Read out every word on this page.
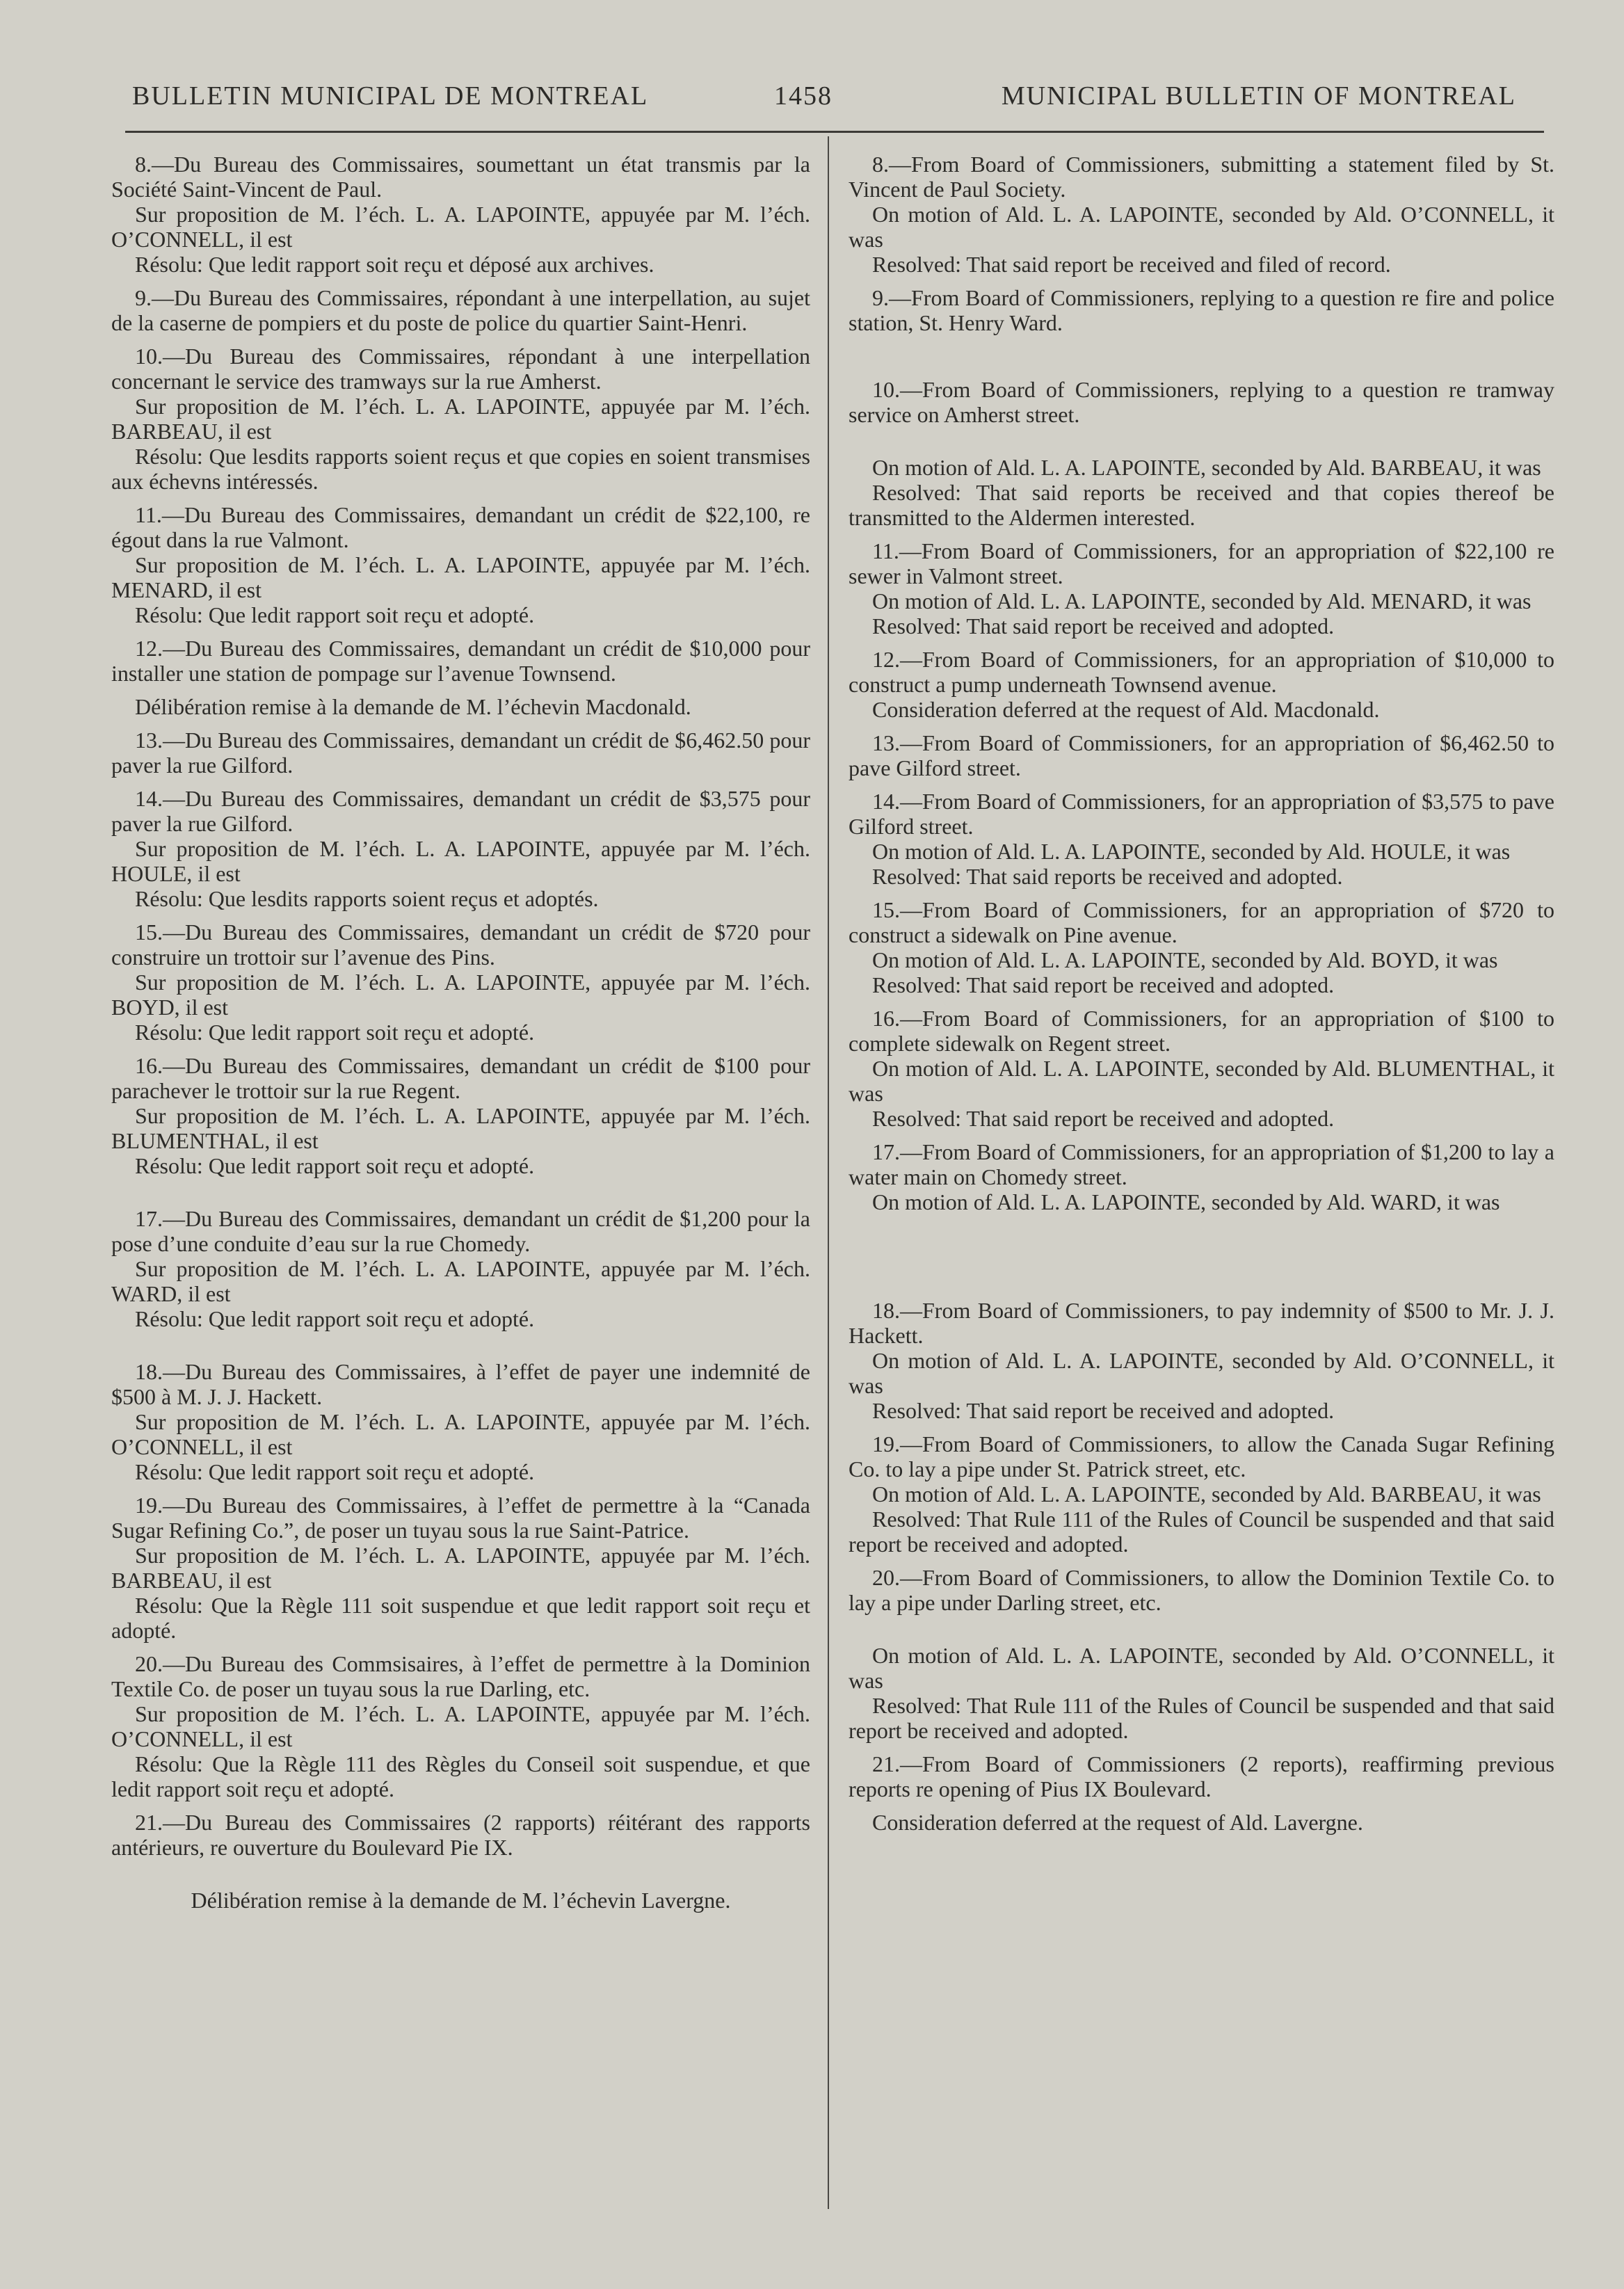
BULLETIN MUNICIPAL DE MONTREAL	1458	MUNICIPAL BULLETIN OF MONTREAL

8.—Du Bureau des Commissaires, soumettant un état transmis par la Société Saint-Vincent de Paul.

Sur proposition de M. l’éch. L. A. LAPOINTE, appuyée par M. l’éch. O’CONNELL, il est

Résolu: Que ledit rapport soit reçu et déposé aux archives.

9.—Du Bureau des Commissaires, répondant à une interpellation, au sujet de la caserne de pompiers et du poste de police du quartier Saint-Henri.

10.—Du Bureau des Commissaires, répondant à une interpellation concernant le service des tramways sur la rue Amherst.

Sur proposition de M. l’éch. L. A. LAPOINTE, appuyée par M. l’éch. BARBEAU, il est

Résolu: Que lesdits rapports soient reçus et que copies en soient transmises aux échevns intéressés.

11.—Du Bureau des Commissaires, demandant un crédit de $22,100, re égout dans la rue Valmont.

Sur proposition de M. l’éch. L. A. LAPOINTE, appuyée par M. l’éch. MENARD, il est

Résolu: Que ledit rapport soit reçu et adopté.

12.—Du Bureau des Commissaires, demandant un crédit de $10,000 pour installer une station de pompage sur l’avenue Townsend.

Délibération remise à la demande de M. l’échevin Macdonald.

13.—Du Bureau des Commissaires, demandant un crédit de $6,462.50 pour paver la rue Gilford.

14.—Du Bureau des Commissaires, demandant un crédit de $3,575 pour paver la rue Gilford.

Sur proposition de M. l’éch. L. A. LAPOINTE, appuyée par M. l’éch. HOULE, il est

Résolu: Que lesdits rapports soient reçus et adoptés.

15.—Du Bureau des Commissaires, demandant un crédit de $720 pour construire un trottoir sur l’avenue des Pins.

Sur proposition de M. l’éch. L. A. LAPOINTE, appuyée par M. l’éch. BOYD, il est

Résolu: Que ledit rapport soit reçu et adopté.

16.—Du Bureau des Commissaires, demandant un crédit de $100 pour parachever le trottoir sur la rue Regent.

Sur proposition de M. l’éch. L. A. LAPOINTE, appuyée par M. l’éch. BLUMENTHAL, il est

Résolu: Que ledit rapport soit reçu et adopté.

17.—Du Bureau des Commissaires, demandant un crédit de $1,200 pour la pose d’une conduite d’eau sur la rue Chomedy.

Sur proposition de M. l’éch. L. A. LAPOINTE, appuyée par M. l’éch. WARD, il est

Résolu: Que ledit rapport soit reçu et adopté.

18.—Du Bureau des Commissaires, à l’effet de payer une indemnité de $500 à M. J. J. Hackett.

Sur proposition de M. l’éch. L. A. LAPOINTE, appuyée par M. l’éch. O’CONNELL, il est

Résolu: Que ledit rapport soit reçu et adopté.

19.—Du Bureau des Commissaires, à l’effet de permettre à la “Canada Sugar Refining Co.”, de poser un tuyau sous la rue Saint-Patrice.

Sur proposition de M. l’éch. L. A. LAPOINTE, appuyée par M. l’éch. BARBEAU, il est

Résolu: Que la Règle 111 soit suspendue et que ledit rapport soit reçu et adopté.

20.—Du Bureau des Commsisaires, à l’effet de permettre à la Dominion Textile Co. de poser un tuyau sous la rue Darling, etc.

Sur proposition de M. l’éch. L. A. LAPOINTE, appuyée par M. l’éch. O’CONNELL, il est

Résolu: Que la Règle 111 des Règles du Conseil soit suspendue, et que ledit rapport soit reçu et adopté.

21.—Du Bureau des Commissaires (2 rapports) réitérant des rapports antérieurs, re ouverture du Boulevard Pie IX.

Délibération remise à la demande de M. l’échevin Lavergne.

8.—From Board of Commissioners, submitting a statement filed by St. Vincent de Paul Society.

On motion of Ald. L. A. LAPOINTE, seconded by Ald. O’CONNELL, it was

Resolved: That said report be received and filed of record.

9.—From Board of Commissioners, replying to a question re fire and police station, St. Henry Ward.

10.—From Board of Commissioners, replying to a question re tramway service on Amherst street.

On motion of Ald. L. A. LAPOINTE, seconded by Ald. BARBEAU, it was

Resolved: That said reports be received and that copies thereof be transmitted to the Aldermen interested.

11.—From Board of Commissioners, for an appropriation of $22,100 re sewer in Valmont street.

On motion of Ald. L. A. LAPOINTE, seconded by Ald. MENARD, it was

Resolved: That said report be received and adopted.

12.—From Board of Commissioners, for an appropriation of $10,000 to construct a pump underneath Townsend avenue.

Consideration deferred at the request of Ald. Macdonald.

13.—From Board of Commissioners, for an appropriation of $6,462.50 to pave Gilford street.

14.—From Board of Commissioners, for an appropriation of $3,575 to pave Gilford street.

On motion of Ald. L. A. LAPOINTE, seconded by Ald. HOULE, it was

Resolved: That said reports be received and adopted.

15.—From Board of Commissioners, for an appropriation of $720 to construct a sidewalk on Pine avenue.

On motion of Ald. L. A. LAPOINTE, seconded by Ald. BOYD, it was

Resolved: That said report be received and adopted.

16.—From Board of Commissioners, for an appropriation of $100 to complete sidewalk on Regent street.

On motion of Ald. L. A. LAPOINTE, seconded by Ald. BLUMENTHAL, it was

Resolved: That said report be received and adopted.

17.—From Board of Commissioners, for an appropriation of $1,200 to lay a water main on Chomedy street.

On motion of Ald. L. A. LAPOINTE, seconded by Ald. WARD, it was

18.—From Board of Commissioners, to pay indemnity of $500 to Mr. J. J. Hackett.

On motion of Ald. L. A. LAPOINTE, seconded by Ald. O’CONNELL, it was

Resolved: That said report be received and adopted.

19.—From Board of Commissioners, to allow the Canada Sugar Refining Co. to lay a pipe under St. Patrick street, etc.

On motion of Ald. L. A. LAPOINTE, seconded by Ald. BARBEAU, it was

Resolved: That Rule 111 of the Rules of Council be suspended and that said report be received and adopted.

20.—From Board of Commissioners, to allow the Dominion Textile Co. to lay a pipe under Darling street, etc.

On motion of Ald. L. A. LAPOINTE, seconded by Ald. O’CONNELL, it was

Resolved: That Rule 111 of the Rules of Council be suspended and that said report be received and adopted.

21.—From Board of Commissioners (2 reports), reaffirming previous reports re opening of Pius IX Boulevard.

Consideration deferred at the request of Ald. Lavergne.
